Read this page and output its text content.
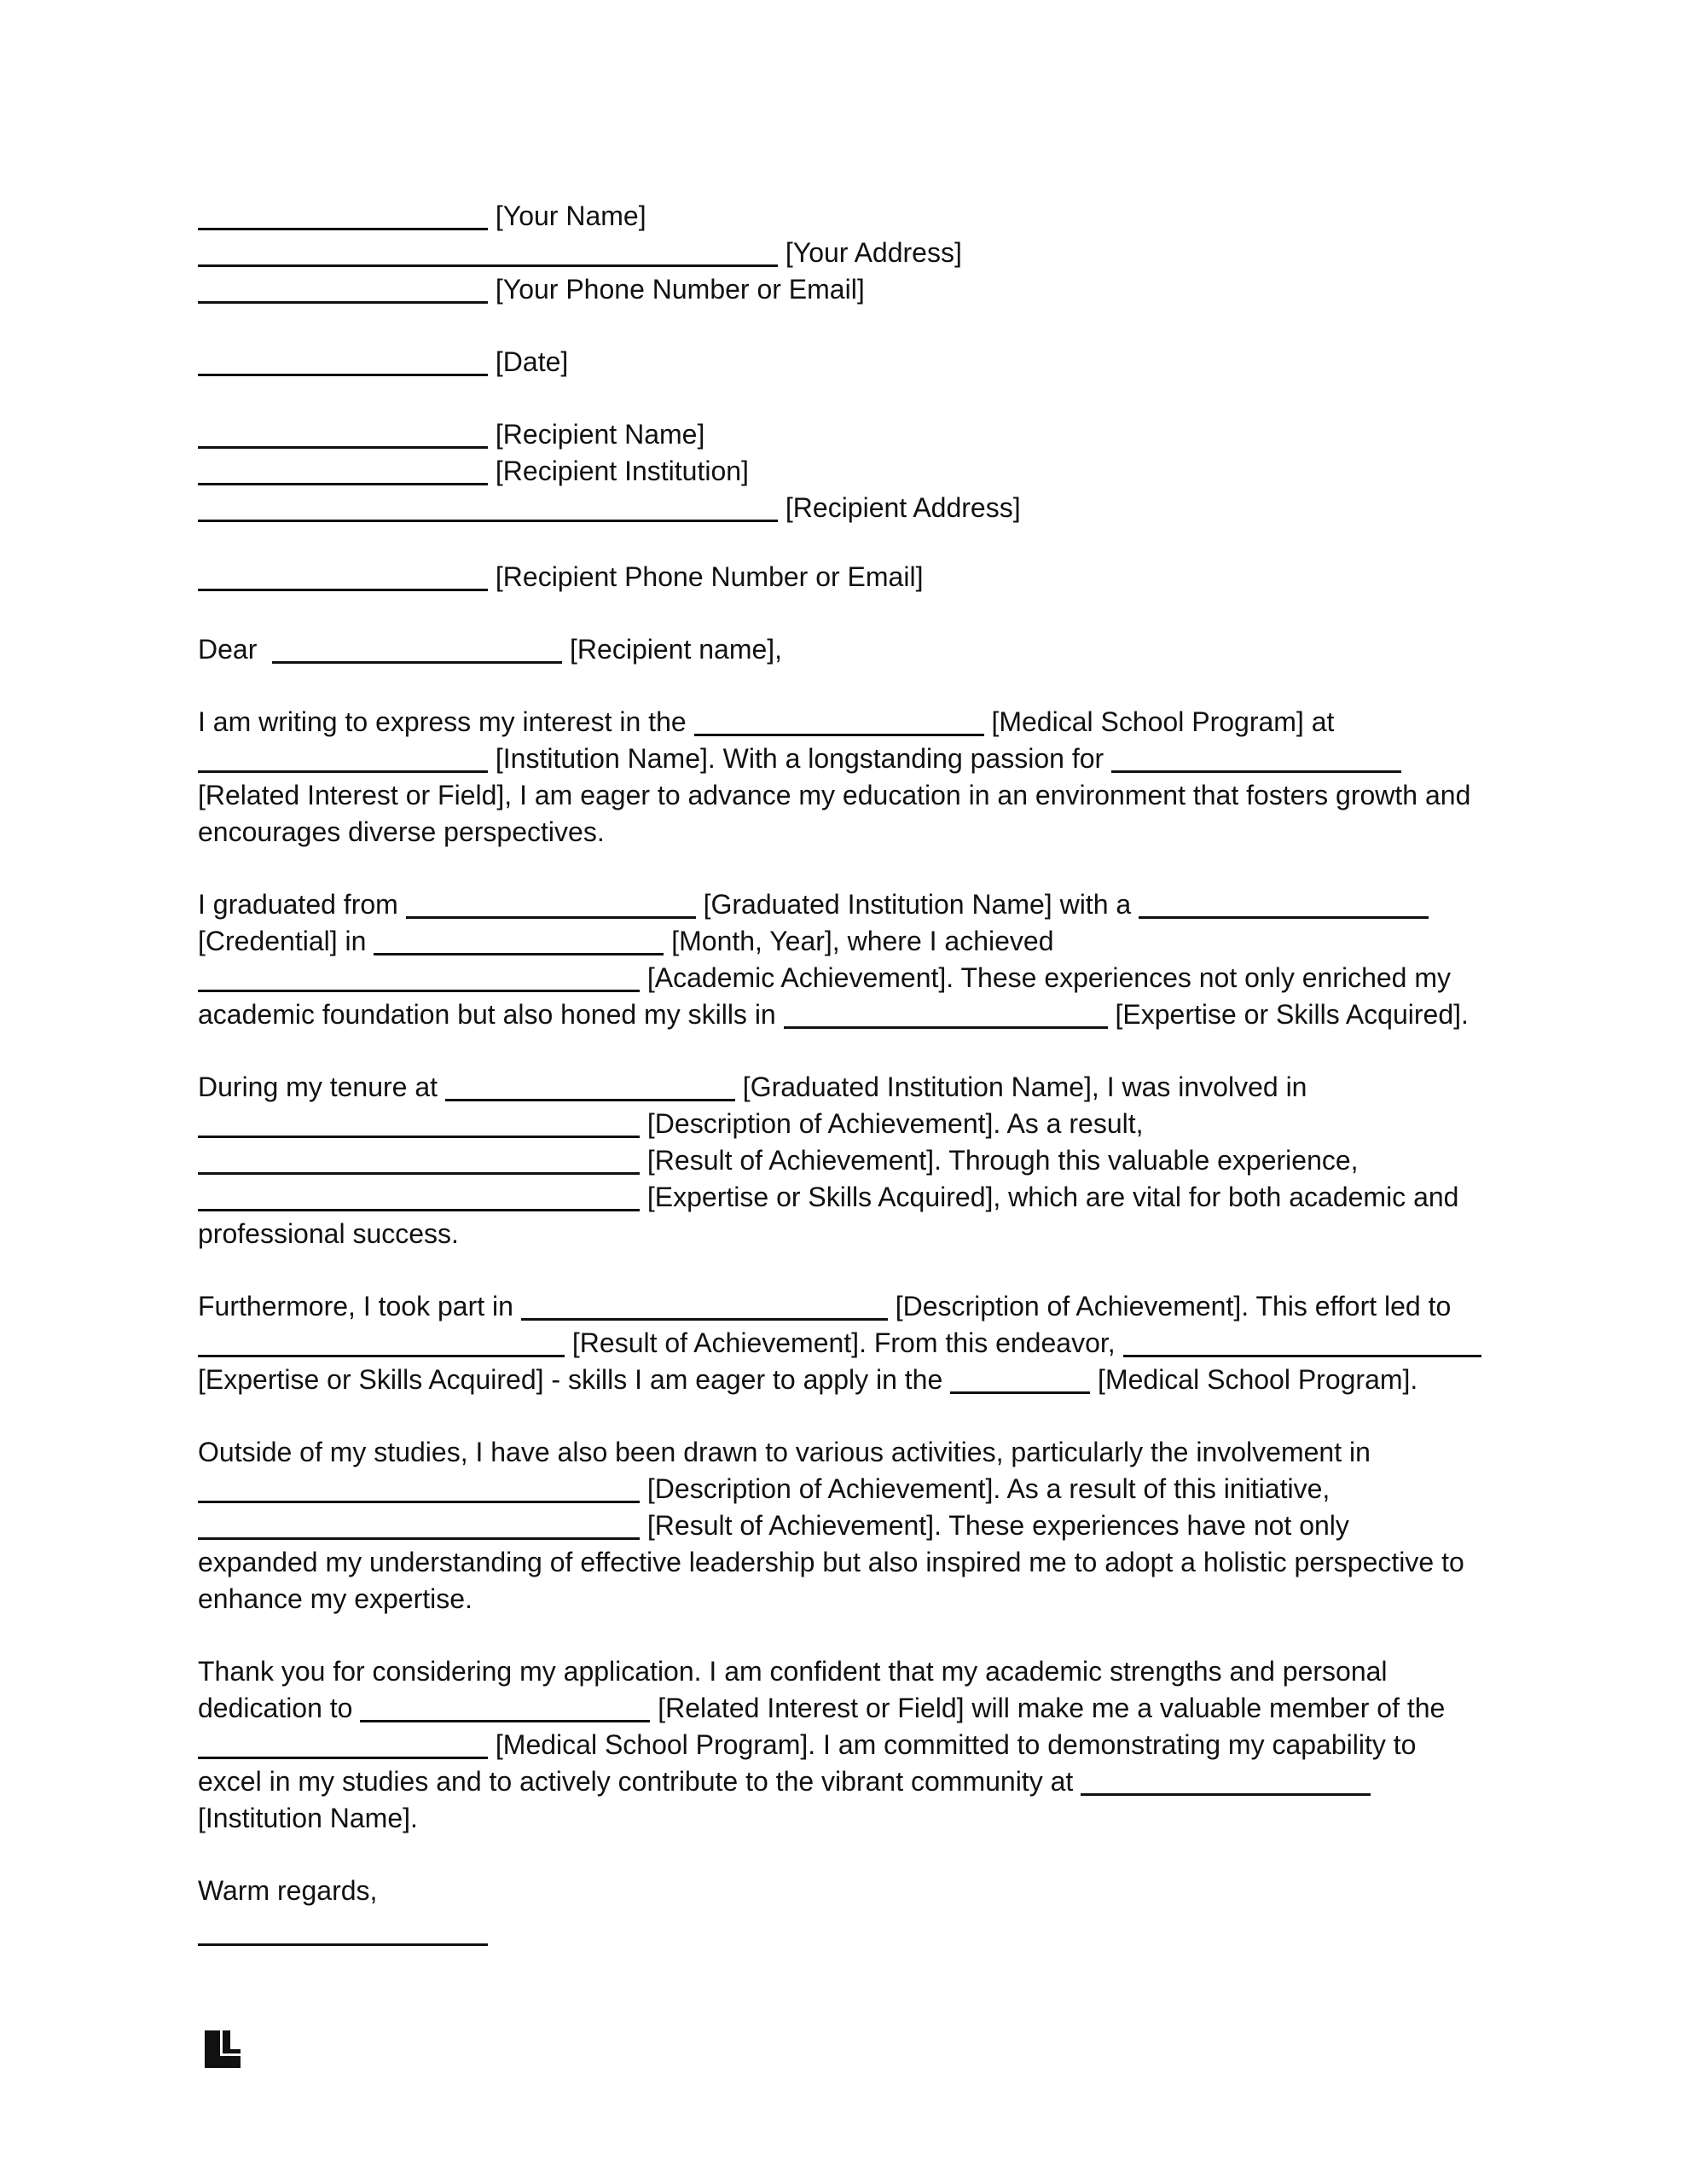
[Your Name]
[Your Address]
[Your Phone Number or Email]
[Date]
[Recipient Name]
[Recipient Institution]
[Recipient Address]
[Recipient Phone Number or Email]
Dear	[Recipient name],
I am writing to express my interest in the	[Medical School Program] at
[Institution Name]. With a longstanding passion for
[Related Interest or Field], I am eager to advance my education in an environment that fosters growth and
encourages diverse perspectives.
I graduated from	[Graduated Institution Name] with a
[Credential] in	[Month, Year], where I achieved
[Academic Achievement]. These experiences not only enriched my
academic foundation but also honed my skills in	[Expertise or Skills Acquired].
During my tenure at	[Graduated Institution Name], I was involved in
[Description of Achievement]. As a result,
[Result of Achievement]. Through this valuable experience,
[Expertise or Skills Acquired], which are vital for both academic and
professional success.
Furthermore, I took part in	[Description of Achievement]. This effort led to
[Result of Achievement]. From this endeavor,
[Expertise or Skills Acquired] - skills I am eager to apply in the	[Medical School Program].
Outside of my studies, I have also been drawn to various activities, particularly the involvement in
[Description of Achievement]. As a result of this initiative,
[Result of Achievement]. These experiences have not only
expanded my understanding of effective leadership but also inspired me to adopt a holistic perspective to
enhance my expertise.
Thank you for considering my application. I am confident that my academic strengths and personal
dedication to	[Related Interest or Field] will make me a valuable member of the
[Medical School Program]. I am committed to demonstrating my capability to
excel in my studies and to actively contribute to the vibrant community at
[Institution Name].
Warm regards,
